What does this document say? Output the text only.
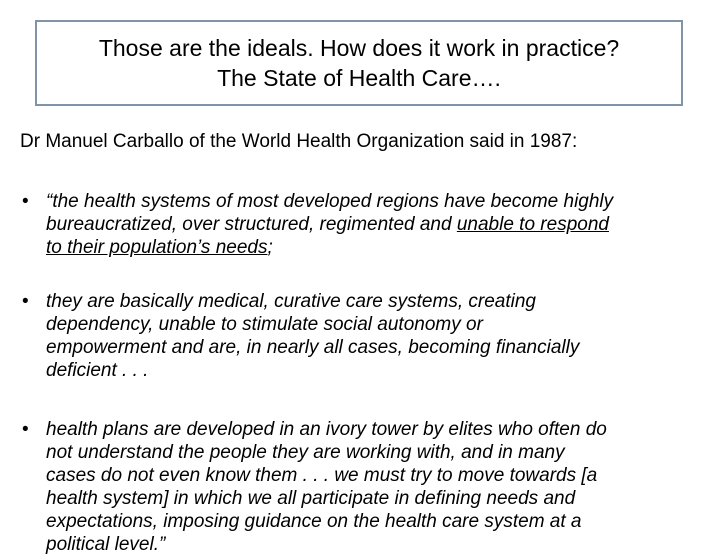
Those are the ideals. How does it work in practice?
The State of Health Care….
Dr Manuel Carballo of the World Health Organization said in 1987:
• “the health systems of most developed regions have become highly
bureaucratized, over structured, regimented and unable to respond
to their population’s needs;
• they are basically medical, curative care systems, creating
dependency, unable to stimulate social autonomy or
empowerment and are, in nearly all cases, becoming financially
deficient . . .
• health plans are developed in an ivory tower by elites who often do
not understand the people they are working with, and in many
cases do not even know them . . . we must try to move towards [a
health system] in which we all participate in defining needs and
expectations, imposing guidance on the health care system at a
political level.”
